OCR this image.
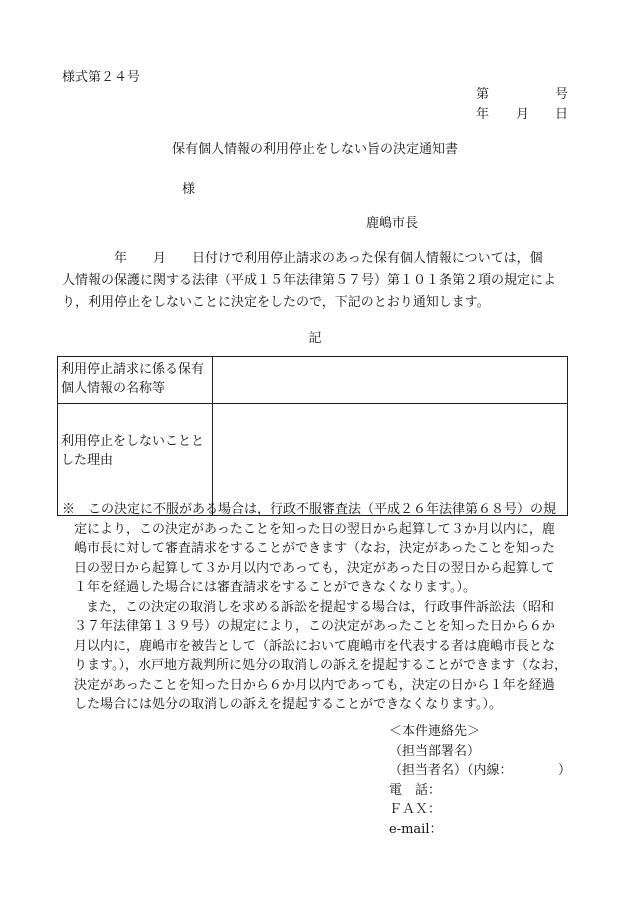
様式第２４号
第	号
年 月 日
保有個人情報の利用停止をしない旨の決定通知書
様
鹿嶋市長
　　　　年　　月　　日付けで利用停止請求のあった保有個人情報については，個
人情報の保護に関する法律（平成１５年法律第５７号）第１０１条第２項の規定によ
り，利用停止をしないことに決定をしたので，下記のとおり通知します。
記
利用停止請求に係る保有
個人情報の名称等	
利用停止をしないことと
した理由	
※　この決定に不服がある場合は，行政不服審査法（平成２６年法律第６８号）の規
定により，この決定があったことを知った日の翌日から起算して３か月以内に，鹿
嶋市長に対して審査請求をすることができます（なお，決定があったことを知った
日の翌日から起算して３か月以内であっても，決定があった日の翌日から起算して
１年を経過した場合には審査請求をすることができなくなります。）。
また，この決定の取消しを求める訴訟を提起する場合は，行政事件訴訟法（昭和
３７年法律第１３９号）の規定により，この決定があったことを知った日から６か
月以内に，鹿嶋市を被告として（訴訟において鹿嶋市を代表する者は鹿嶋市長とな
ります。），水戸地方裁判所に処分の取消しの訴えを提起することができます（なお，
決定があったことを知った日から６か月以内であっても，決定の日から１年を経過
した場合には処分の取消しの訴えを提起することができなくなります。）。
＜本件連絡先＞
（担当部署名）
（担当者名）（内線：　　　　）
電　話：
ＦＡＸ：
e-mail：
